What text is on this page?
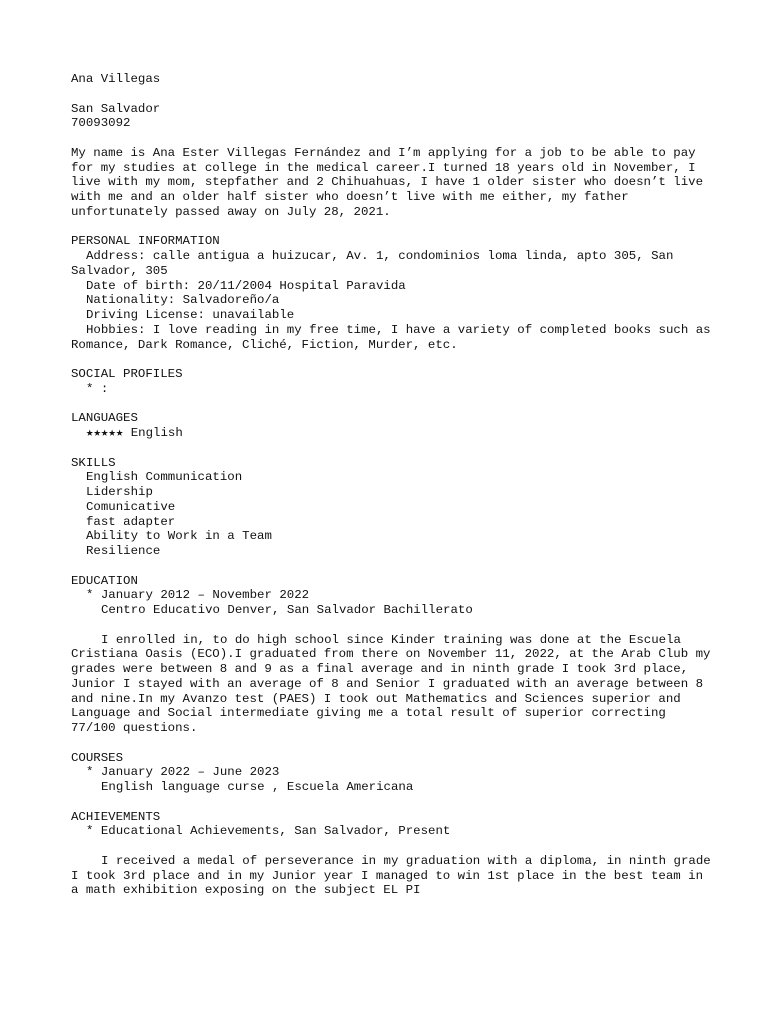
Ana Villegas
San Salvador
70093092
My name is Ana Ester Villegas Fernández and I’m applying for a job to be able to pay for my studies at college in the medical career.I turned 18 years old in November, I live with my mom, stepfather and 2 Chihuahuas, I have 1 older sister who doesn’t live with me and an older half sister who doesn’t live with me either, my father unfortunately passed away on July 28, 2021.
PERSONAL INFORMATION
Address: calle antigua a huizucar, Av. 1, condominios loma linda, apto 305, San Salvador, 305
Date of birth: 20/11/2004 Hospital Paravida
Nationality: Salvadoreño/a
Driving License: unavailable
Hobbies: I love reading in my free time, I have a variety of completed books such as Romance, Dark Romance, Cliché, Fiction, Murder, etc.
SOCIAL PROFILES
* :
LANGUAGES
★★★★★ English
SKILLS
English Communication
Lidership
Comunicative
fast adapter
Ability to Work in a Team
Resilience
EDUCATION
* January 2012 – November 2022
Centro Educativo Denver, San Salvador Bachillerato
I enrolled in, to do high school since Kinder training was done at the Escuela Cristiana Oasis (ECO).I graduated from there on November 11, 2022, at the Arab Club my grades were between 8 and 9 as a final average and in ninth grade I took 3rd place, Junior I stayed with an average of 8 and Senior I graduated with an average between 8 and nine.In my Avanzo test (PAES) I took out Mathematics and Sciences superior and Language and Social intermediate giving me a total result of superior correcting 77/100 questions.
COURSES
* January 2022 – June 2023
English language curse , Escuela Americana
ACHIEVEMENTS
* Educational Achievements, San Salvador, Present
I received a medal of perseverance in my graduation with a diploma, in ninth grade I took 3rd place and in my Junior year I managed to win 1st place in the best team in a math exhibition exposing on the subject EL PI
